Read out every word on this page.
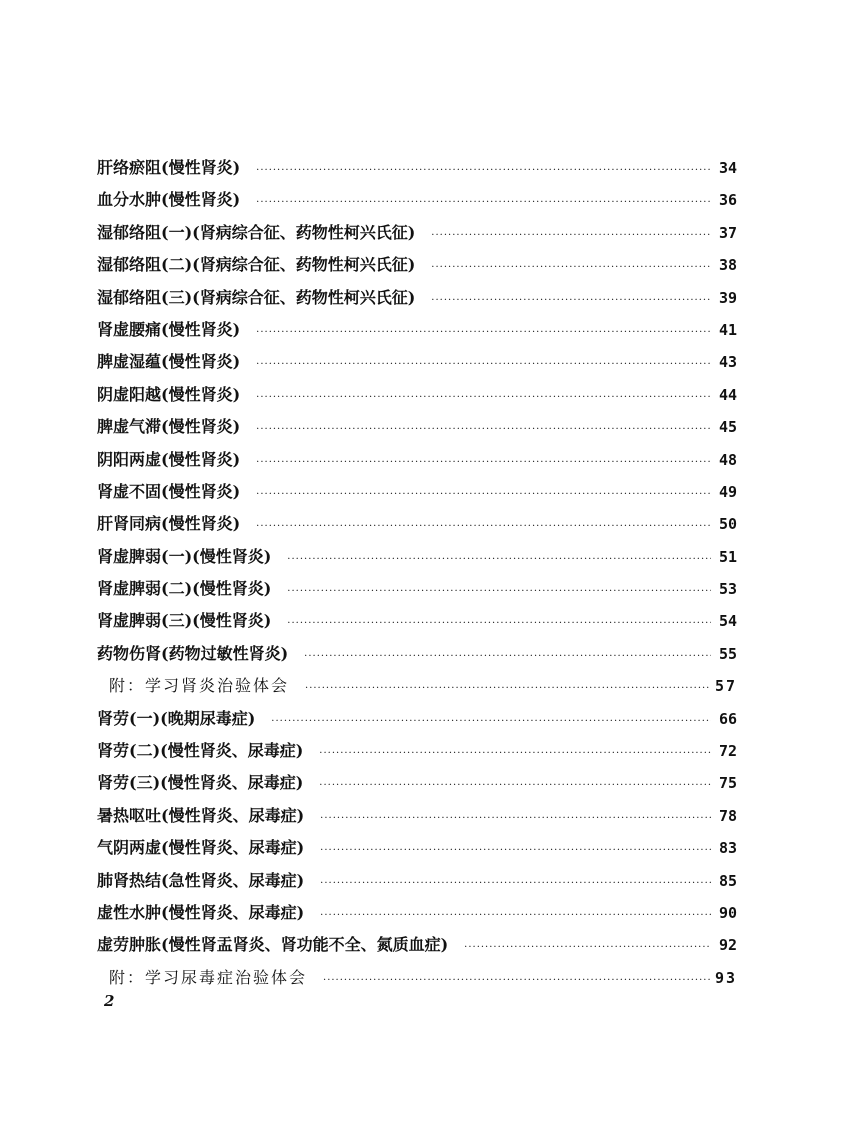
肝络瘀阻(慢性肾炎) ·····	34
血分水肿(慢性肾炎) ·····	36
湿郁络阻(一)(肾病综合征、药物性柯兴氏征) ·····	37
湿郁络阻(二)(肾病综合征、药物性柯兴氏征) ·····	38
湿郁络阻(三)(肾病综合征、药物性柯兴氏征) ·····	39
肾虚腰痛(慢性肾炎) ·····	41
脾虚湿蕴(慢性肾炎) ·····	43
阴虚阳越(慢性肾炎) ·····	44
脾虚气滞(慢性肾炎) ·····	45
阴阳两虚(慢性肾炎) ·····	48
肾虚不固(慢性肾炎) ·····	49
肝肾同病(慢性肾炎) ·····	50
肾虚脾弱(一)(慢性肾炎) ·····	51
肾虚脾弱(二)(慢性肾炎) ·····	53
肾虚脾弱(三)(慢性肾炎) ·····	54
药物伤肾(药物过敏性肾炎) ·····	55
附：学习肾炎治验体会 ·····	57
肾劳(一)(晚期尿毒症) ·····	66
肾劳(二)(慢性肾炎、尿毒症) ·····	72
肾劳(三)(慢性肾炎、尿毒症) ·····	75
暑热呕吐(慢性肾炎、尿毒症) ·····	78
气阴两虚(慢性肾炎、尿毒症) ·····	83
肺肾热结(急性肾炎、尿毒症) ·····	85
虚性水肿(慢性肾炎、尿毒症) ·····	90
虚劳肿胀(慢性肾盂肾炎、肾功能不全、氮质血症) ·····	92
附：学习尿毒症治验体会 ·····	93
2
